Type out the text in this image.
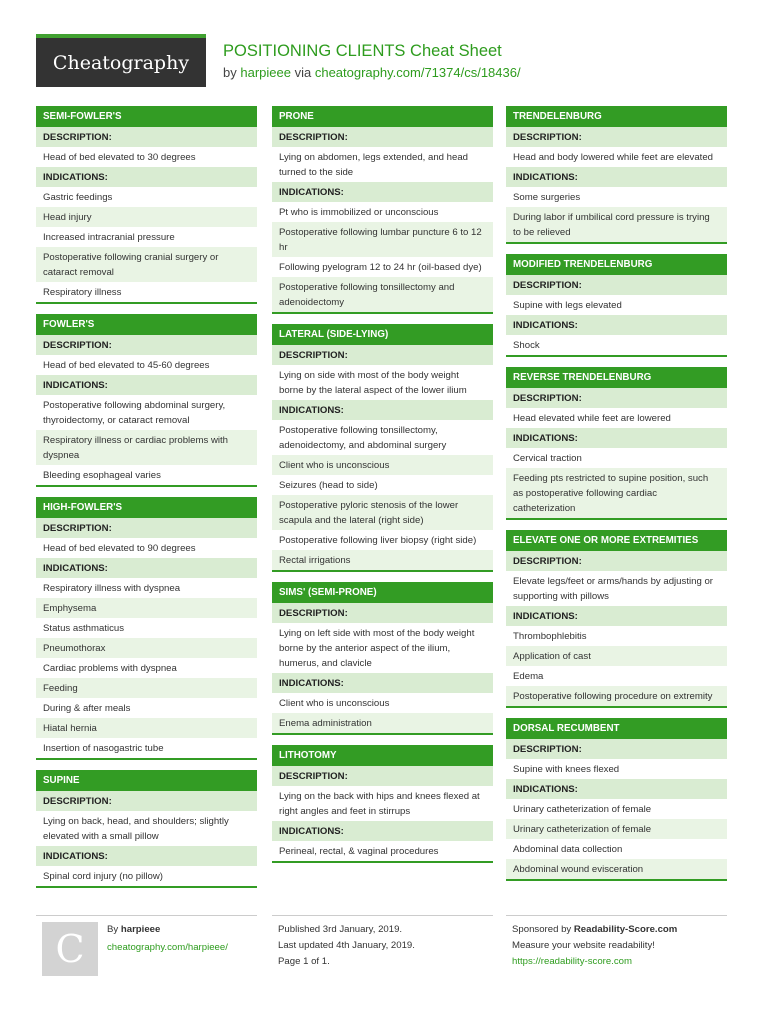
Cheatography
POSITIONING CLIENTS Cheat Sheet
by harpieee via cheatography.com/71374/cs/18436/
SEMI-FOWLER'S
DESCRIPTION:
Head of bed elevated to 30 degrees
INDICATIONS:
Gastric feedings
Head injury
Increased intracranial pressure
Postoperative following cranial surgery or cataract removal
Respiratory illness
FOWLER'S
DESCRIPTION:
Head of bed elevated to 45-60 degrees
INDICATIONS:
Postoperative following abdominal surgery, thyroidectomy, or cataract removal
Respiratory illness or cardiac problems with dyspnea
Bleeding esophageal varies
HIGH-FOWLER'S
DESCRIPTION:
Head of bed elevated to 90 degrees
INDICATIONS:
Respiratory illness with dyspnea
Emphysema
Status asthmaticus
Pneumothorax
Cardiac problems with dyspnea
Feeding
During & after meals
Hiatal hernia
Insertion of nasogastric tube
SUPINE
DESCRIPTION:
Lying on back, head, and shoulders; slightly elevated with a small pillow
INDICATIONS:
Spinal cord injury (no pillow)
PRONE
DESCRIPTION:
Lying on abdomen, legs extended, and head turned to the side
INDICATIONS:
Pt who is immobilized or unconscious
Postoperative following lumbar puncture 6 to 12 hr
Following pyelogram 12 to 24 hr (oil-based dye)
Postoperative following tonsillectomy and adenoidectomy
LATERAL (SIDE-LYING)
DESCRIPTION:
Lying on side with most of the body weight borne by the lateral aspect of the lower ilium
INDICATIONS:
Postoperative following tonsillectomy, adenoidectomy, and abdominal surgery
Client who is unconscious
Seizures (head to side)
Postoperative pyloric stenosis of the lower scapula and the lateral (right side)
Postoperative following liver biopsy (right side)
Rectal irrigations
SIMS' (SEMI-PRONE)
DESCRIPTION:
Lying on left side with most of the body weight borne by the anterior aspect of the ilium, humerus, and clavicle
INDICATIONS:
Client who is unconscious
Enema administration
LITHOTOMY
DESCRIPTION:
Lying on the back with hips and knees flexed at right angles and feet in stirrups
INDICATIONS:
Perineal, rectal, & vaginal procedures
TRENDELENBURG
DESCRIPTION:
Head and body lowered while feet are elevated
INDICATIONS:
Some surgeries
During labor if umbilical cord pressure is trying to be relieved
MODIFIED TRENDELENBURG
DESCRIPTION:
Supine with legs elevated
INDICATIONS:
Shock
REVERSE TRENDELENBURG
DESCRIPTION:
Head elevated while feet are lowered
INDICATIONS:
Cervical traction
Feeding pts restricted to supine position, such as postoperative following cardiac catheterization
ELEVATE ONE OR MORE EXTREMITIES
DESCRIPTION:
Elevate legs/feet or arms/hands by adjusting or supporting with pillows
INDICATIONS:
Thrombophlebitis
Application of cast
Edema
Postoperative following procedure on extremity
DORSAL RECUMBENT
DESCRIPTION:
Supine with knees flexed
INDICATIONS:
Urinary catheterization of female
Urinary catheterization of female
Abdominal data collection
Abdominal wound evisceration
C By harpieee
cheatography.com/harpieee/
Published 3rd January, 2019.
Last updated 4th January, 2019.
Page 1 of 1.
Sponsored by Readability-Score.com
Measure your website readability!
https://readability-score.com
